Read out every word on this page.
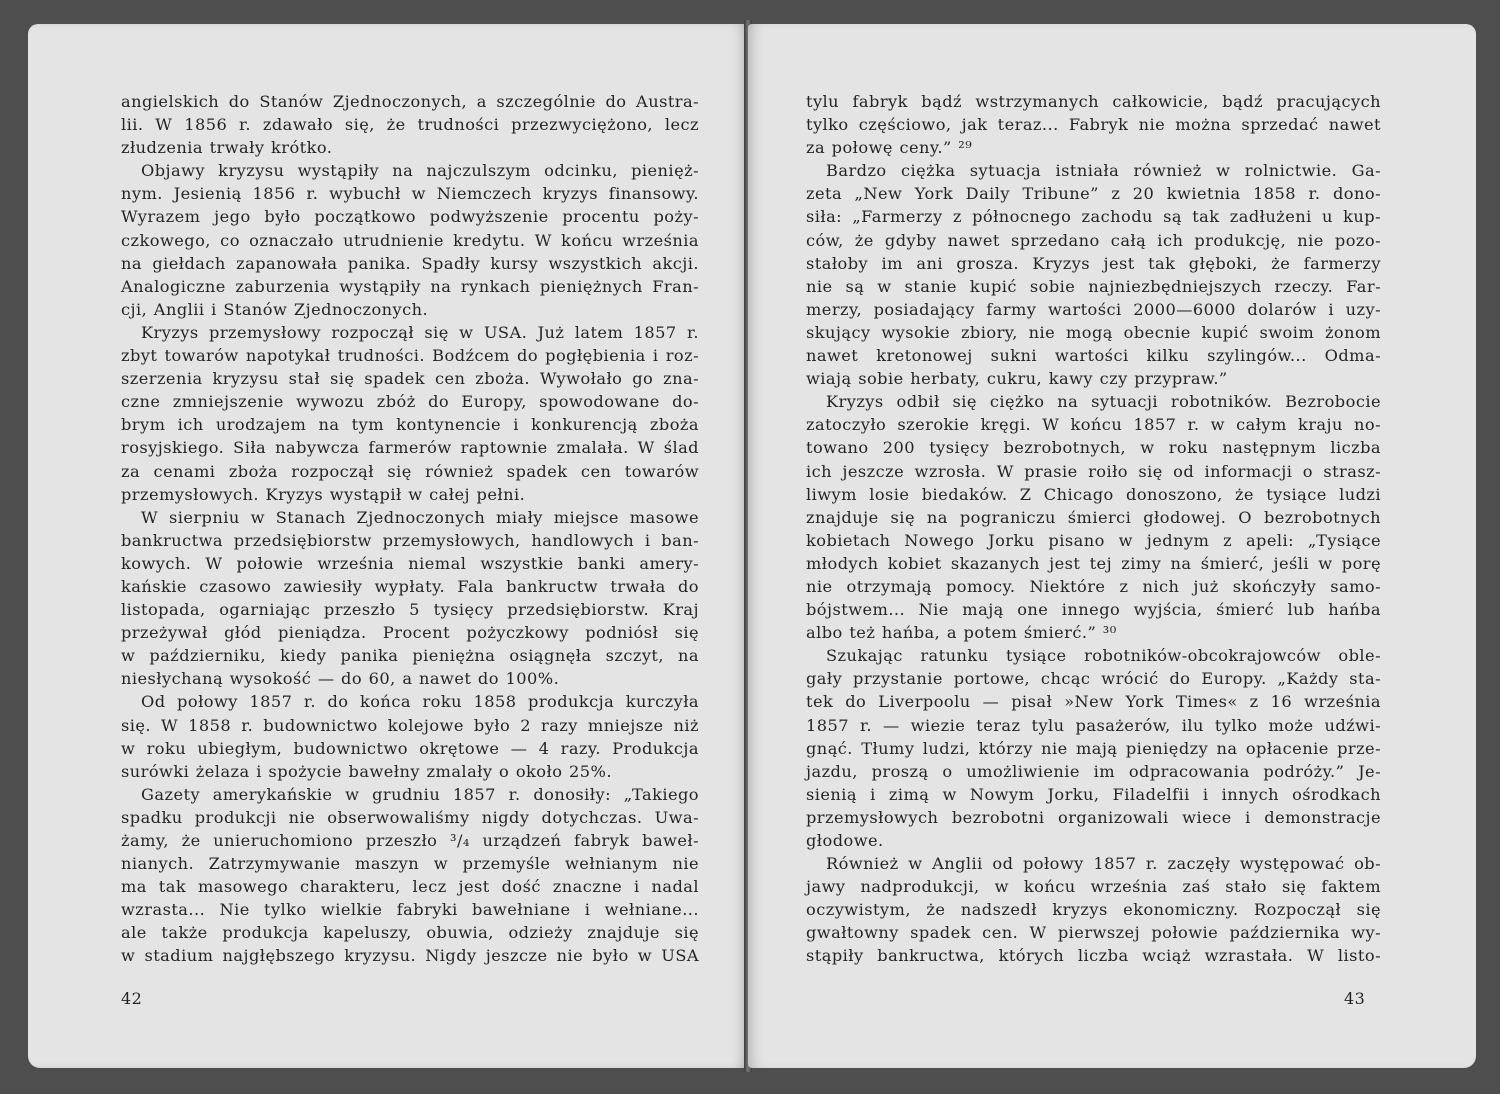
angielskich do Stanów Zjednoczonych, a szczególnie do Austra-
lii. W 1856 r. zdawało się, że trudności przezwyciężono, lecz
złudzenia trwały krótko.
Objawy kryzysu wystąpiły na najczulszym odcinku, pienięż-
nym. Jesienią 1856 r. wybuchł w Niemczech kryzys finansowy.
Wyrazem jego było początkowo podwyższenie procentu poży-
czkowego, co oznaczało utrudnienie kredytu. W końcu września
na giełdach zapanowała panika. Spadły kursy wszystkich akcji.
Analogiczne zaburzenia wystąpiły na rynkach pieniężnych Fran-
cji, Anglii i Stanów Zjednoczonych.
Kryzys przemysłowy rozpoczął się w USA. Już latem 1857 r.
zbyt towarów napotykał trudności. Bodźcem do pogłębienia i roz-
szerzenia kryzysu stał się spadek cen zboża. Wywołało go zna-
czne zmniejszenie wywozu zbóż do Europy, spowodowane do-
brym ich urodzajem na tym kontynencie i konkurencją zboża
rosyjskiego. Siła nabywcza farmerów raptownie zmalała. W ślad
za cenami zboża rozpoczął się również spadek cen towarów
przemysłowych. Kryzys wystąpił w całej pełni.
W sierpniu w Stanach Zjednoczonych miały miejsce masowe
bankructwa przedsiębiorstw przemysłowych, handlowych i ban-
kowych. W połowie września niemal wszystkie banki amery-
kańskie czasowo zawiesiły wypłaty. Fala bankructw trwała do
listopada, ogarniając przeszło 5 tysięcy przedsiębiorstw. Kraj
przeżywał głód pieniądza. Procent pożyczkowy podniósł się
w październiku, kiedy panika pieniężna osiągnęła szczyt, na
niesłychaną wysokość — do 60, a nawet do 100%.
Od połowy 1857 r. do końca roku 1858 produkcja kurczyła
się. W 1858 r. budownictwo kolejowe było 2 razy mniejsze niż
w roku ubiegłym, budownictwo okrętowe — 4 razy. Produkcja
surówki żelaza i spożycie bawełny zmalały o około 25%.
Gazety amerykańskie w grudniu 1857 r. donosiły: „Takiego
spadku produkcji nie obserwowaliśmy nigdy dotychczas. Uwa-
żamy, że unieruchomiono przeszło ³/₄ urządzeń fabryk baweł-
nianych. Zatrzymywanie maszyn w przemyśle wełnianym nie
ma tak masowego charakteru, lecz jest dość znaczne i nadal
wzrasta... Nie tylko wielkie fabryki bawełniane i wełniane...
ale także produkcja kapeluszy, obuwia, odzieży znajduje się
w stadium najgłębszego kryzysu. Nigdy jeszcze nie było w USA
42
tylu fabryk bądź wstrzymanych całkowicie, bądź pracujących
tylko częściowo, jak teraz... Fabryk nie można sprzedać nawet
za połowę ceny.” ²⁹
Bardzo ciężka sytuacja istniała również w rolnictwie. Ga-
zeta „New York Daily Tribune” z 20 kwietnia 1858 r. dono-
siła: „Farmerzy z północnego zachodu są tak zadłużeni u kup-
ców, że gdyby nawet sprzedano całą ich produkcję, nie pozo-
stałoby im ani grosza. Kryzys jest tak głęboki, że farmerzy
nie są w stanie kupić sobie najniezbędniejszych rzeczy. Far-
merzy, posiadający farmy wartości 2000—6000 dolarów i uzy-
skujący wysokie zbiory, nie mogą obecnie kupić swoim żonom
nawet kretonowej sukni wartości kilku szylingów... Odma-
wiają sobie herbaty, cukru, kawy czy przypraw.”
Kryzys odbił się ciężko na sytuacji robotników. Bezrobocie
zatoczyło szerokie kręgi. W końcu 1857 r. w całym kraju no-
towano 200 tysięcy bezrobotnych, w roku następnym liczba
ich jeszcze wzrosła. W prasie roiło się od informacji o strasz-
liwym losie biedaków. Z Chicago donoszono, że tysiące ludzi
znajduje się na pograniczu śmierci głodowej. O bezrobotnych
kobietach Nowego Jorku pisano w jednym z apeli: „Tysiące
młodych kobiet skazanych jest tej zimy na śmierć, jeśli w porę
nie otrzymają pomocy. Niektóre z nich już skończyły samo-
bójstwem... Nie mają one innego wyjścia, śmierć lub hańba
albo też hańba, a potem śmierć.” ³⁰
Szukając ratunku tysiące robotników-obcokrajowców oble-
gały przystanie portowe, chcąc wrócić do Europy. „Każdy sta-
tek do Liverpoolu — pisał »New York Times« z 16 września
1857 r. — wiezie teraz tylu pasażerów, ilu tylko może udźwi-
gnąć. Tłumy ludzi, którzy nie mają pieniędzy na opłacenie prze-
jazdu, proszą o umożliwienie im odpracowania podróży.” Je-
sienią i zimą w Nowym Jorku, Filadelfii i innych ośrodkach
przemysłowych bezrobotni organizowali wiece i demonstracje
głodowe.
Również w Anglii od połowy 1857 r. zaczęły występować ob-
jawy nadprodukcji, w końcu września zaś stało się faktem
oczywistym, że nadszedł kryzys ekonomiczny. Rozpoczął się
gwałtowny spadek cen. W pierwszej połowie października wy-
stąpiły bankructwa, których liczba wciąż wzrastała. W listo-
43
